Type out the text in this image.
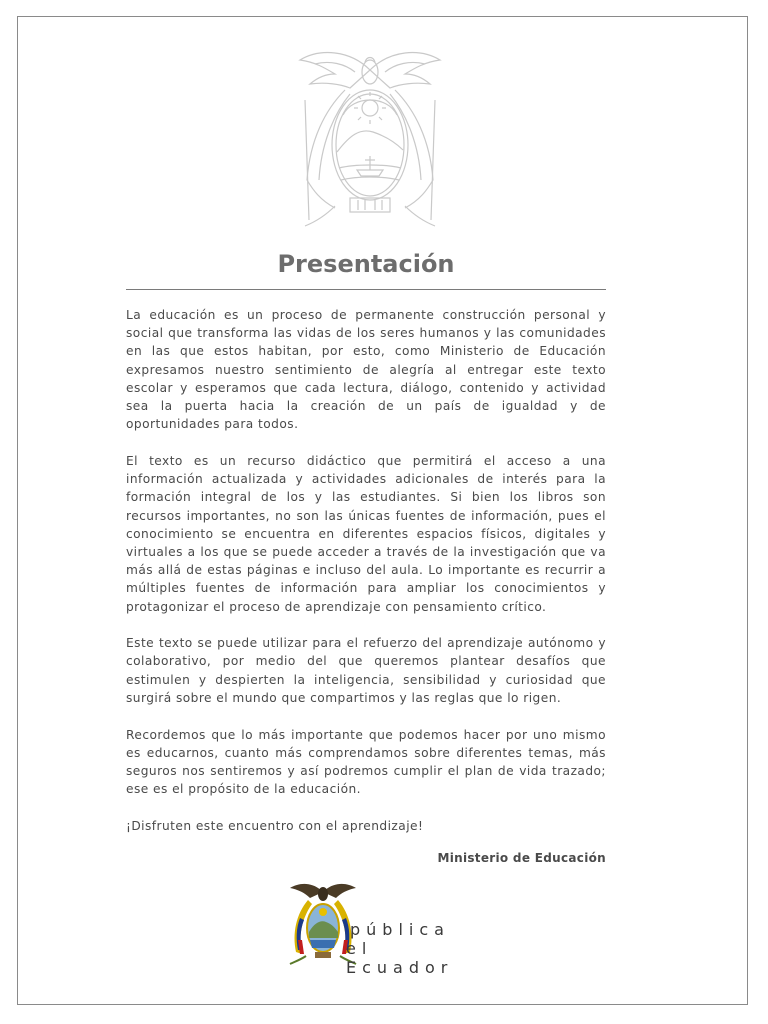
Presentación

La educación es un proceso de permanente construcción personal y social que transforma las vidas de los seres humanos y las comunidades en las que estos habitan, por esto, como Ministerio de Educación expresamos nuestro sentimiento de alegría al entregar este texto escolar y esperamos que cada lectura, diálogo, contenido y actividad sea la puerta hacia la creación de un país de igualdad y de oportunidades para todos.

El texto es un recurso didáctico que permitirá el acceso a una información actualizada y actividades adicionales de interés para la formación integral de los y las estudiantes. Si bien los libros son recursos importantes, no son las únicas fuentes de información, pues el conocimiento se encuentra en diferentes espacios físicos, digitales y virtuales a los que se puede acceder a través de la investigación que va más allá de estas páginas e incluso del aula. Lo importante es recurrir a múltiples fuentes de información para ampliar los conocimientos y protagonizar el proceso de aprendizaje con pensamiento crítico.

Este texto se puede utilizar para el refuerzo del aprendizaje autónomo y colaborativo, por medio del que queremos plantear desafíos que estimulen y despierten la inteligencia, sensibilidad y curiosidad que surgirá sobre el mundo que compartimos y las reglas que lo rigen.

Recordemos que lo más importante que podemos hacer por uno mismo es educarnos, cuanto más comprendamos sobre diferentes temas, más seguros nos sentiremos y así podremos cumplir el plan de vida trazado; ese es el propósito de la educación.

¡Disfruten este encuentro con el aprendizaje!

Ministerio de Educación
pública
el Ecuador
